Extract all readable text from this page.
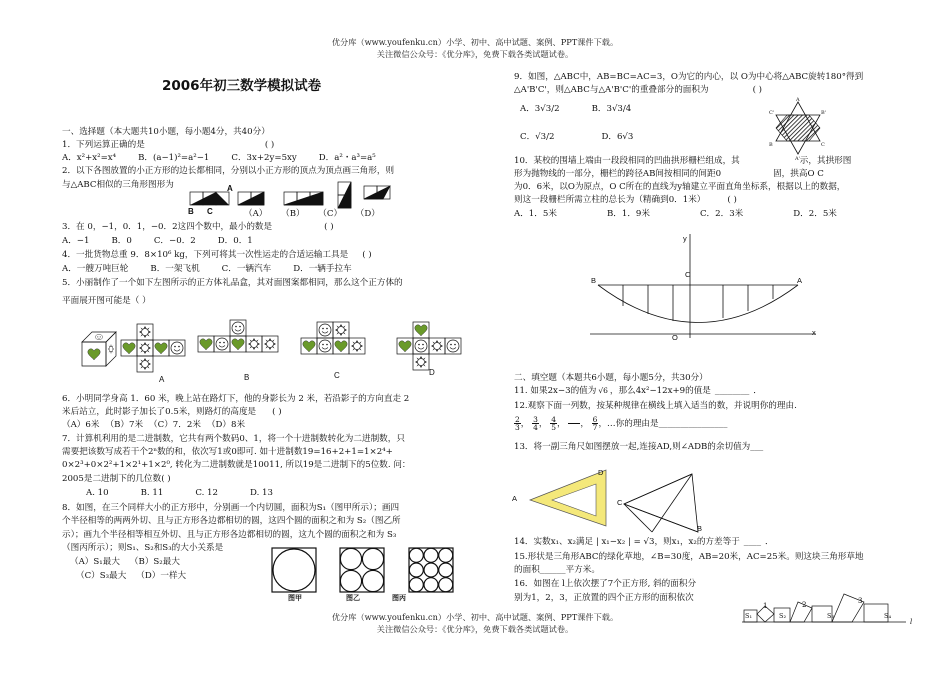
优分库（www.youfenku.cn）小学、初中、高中试题、案例、PPT课件下载。
关注微信公众号：《优分库》，免费下载各类试题试卷。
2006年初三数学模拟试卷
一、选择题（本大题共10小题，每小题4分，共40分）
1．下列运算正确的是	( )
A．x²+x²=x⁴	B．(a−1)²=a²−1	C．3x+2y=5xy	D．a²・a³=a⁵
2．以下各图放置的小正方形的边长都相同，分别以小正方形的顶点为顶点画三角形，则
与△ABC相似的三角形图形为	A
B C	（A） （B） （C） （D）
3．在 0，−1，0．1，−0．2这四个数中，最小的数是	( )
A．−1	B．0	C．−0．2	D．0．1
4．一批货物总重 9．8×10⁶ kg，下列可将其一次性运走的合适运输工具是 ( )
A．一艘万吨巨轮	B．一架飞机	C．一辆汽车	D．一辆手拉车
5．小丽制作了一个如下左图所示的正方体礼品盒，其对面图案都相同，那么这个正方体的
平面展开图可能是（ ）
A	B	C	D
6．小明同学身高 1．60 米，晚上站在路灯下，他的身影长为 2 米，若沿影子的方向直走 2
米后站立，此时影子加长了0.5米，则路灯的高度是 ( )
（A）6米 （B）7米 （C）7．2米 （D）8米
7．计算机利用的是二进制数，它共有两个数码0、1，将一个十进制数转化为二进制数，只
需要把该数写成若干个2ⁿ数的和，依次写1或0即可. 如十进制数19=16+2+1=1×2⁴+
0×2³+0×2²+1×2¹+1×2⁰, 转化为二进制数就是10011, 所以19是二进制下的5位数. 问：
2005是二进制下的几位数( )
A. 10	B. 11	C. 12	D. 13
8．如图，在三个同样大小的正方形中，分别画一个内切圆，面积为S₁（图甲所示）；画四
个半径相等的两两外切、且与正方形各边都相切的圆，这四个圆的面积之和为 S₂（图乙所
示）；画九个半径相等相互外切、且与正方形各边都相切的圆，这九个圆的面积之和为 S₃
（图丙所示）；则S₁、S₂和S₃的大小关系是
（A）S₁最大 （B）S₂最大
（C）S₃最大 （D）一样大
图甲	图乙	图丙
9．如图，△ABC中，AB=BC=AC=3，O为它的内心，以 O为中心将△ABC旋转180°得到
△A'B'C'，则△ABC与△A'B'C'的重叠部分的面积为	( )
A．3√3/2	B．3√3/4
C．√3/2	D．6√3
A
C'	B'
B	C
A'
10．某校的围墙上端由一段段相同的凹曲拱形栅栏组成，其	示，其拱形图
形为抛物线的一部分，栅栏的跨径AB间按相同的间距0	固，拱高O C
为0．6米，以O为原点，O C所在的直线为y轴建立平面直角坐标系，根据以上的数据，
则这一段栅栏所需立柱的总长为（精确到0．1米）	( )
A．1．5米	B．1．9米	C．2．3米	D．2．5米
y
x
B	A
C
O
二、填空题（本题共6小题，每小题5分，共30分）
11. 如果2x−3的值为 √6 ，那么4x²−12x+9的值是 ________ ．
12.观察下面一列数，按某种规律在横线上填入适当的数，并说明你的理由.
$\frac{2}{3}$ ， $\frac{3}{4}$ ， $\frac{4}{5}$ ，
， $\frac{6}{7}$ ，…你的理由是________________
13．将一副三角尺如图摆放一起,连接AD,则∠ADB的余切值为___
A
D
C
B
14．实数x₁、x₂满足 | x₁−x₂ | = √3，则x₁，x₂的方差等于 ____ ．
15.形状是三角形ABC的绿化草地，∠B=30度，AB=20米，AC=25米。则这块三角形草地
的面积______平方米。
16．如图在 l上依次摆了7个正方形, 斜的面积分
别为1，2，3，正放置的四个正方形的面积依次
1	2	3
S₁	S₂	S₃	S₄
l
优分库（www.youfenku.cn）小学、初中、高中试题、案例、PPT课件下载。
关注微信公众号：《优分库》，免费下载各类试题试卷。
